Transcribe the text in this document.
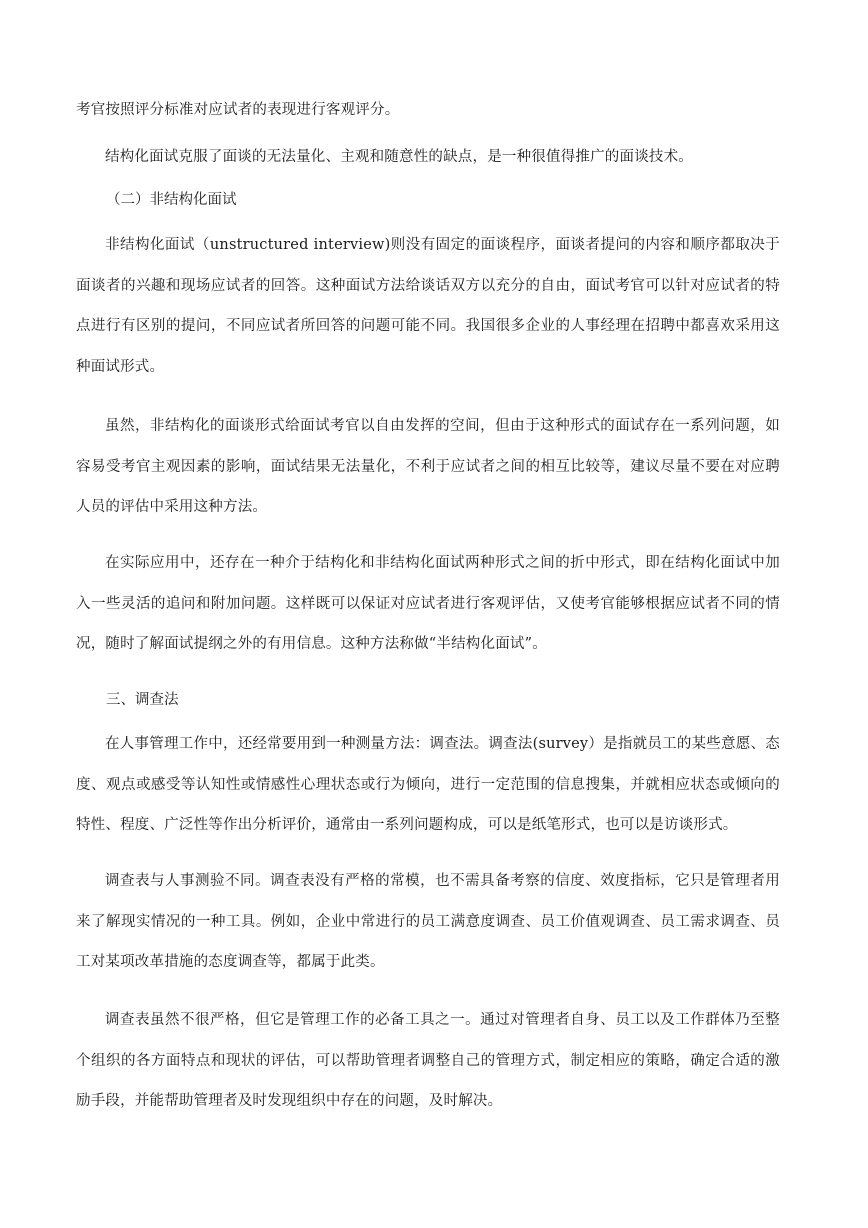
考官按照评分标准对应试者的表现进行客观评分。

结构化面试克服了面谈的无法量化、主观和随意性的缺点，是一种很值得推广的面谈技术。

（二）非结构化面试

非结构化面试（unstructured interview)则没有固定的面谈程序，面谈者提问的内容和顺序都取决于面谈者的兴趣和现场应试者的回答。这种面试方法给谈话双方以充分的自由，面试考官可以针对应试者的特点进行有区别的提问，不同应试者所回答的问题可能不同。我国很多企业的人事经理在招聘中都喜欢采用这种面试形式。

虽然，非结构化的面谈形式给面试考官以自由发挥的空间，但由于这种形式的面试存在一系列问题，如容易受考官主观因素的影响，面试结果无法量化，不利于应试者之间的相互比较等，建议尽量不要在对应聘人员的评估中采用这种方法。

在实际应用中，还存在一种介于结构化和非结构化面试两种形式之间的折中形式，即在结构化面试中加入一些灵活的追问和附加问题。这样既可以保证对应试者进行客观评估，又使考官能够根据应试者不同的情况，随时了解面试提纲之外的有用信息。这种方法称做“半结构化面试”。

三、调查法

在人事管理工作中，还经常要用到一种测量方法：调查法。调查法(survey）是指就员工的某些意愿、态度、观点或感受等认知性或情感性心理状态或行为倾向，进行一定范围的信息搜集，并就相应状态或倾向的特性、程度、广泛性等作出分析评价，通常由一系列问题构成，可以是纸笔形式，也可以是访谈形式。

调查表与人事测验不同。调查表没有严格的常模，也不需具备考察的信度、效度指标，它只是管理者用来了解现实情况的一种工具。例如，企业中常进行的员工满意度调查、员工价值观调查、员工需求调查、员工对某项改革措施的态度调查等，都属于此类。

调查表虽然不很严格，但它是管理工作的必备工具之一。通过对管理者自身、员工以及工作群体乃至整个组织的各方面特点和现状的评估，可以帮助管理者调整自己的管理方式，制定相应的策略，确定合适的激励手段，并能帮助管理者及时发现组织中存在的问题，及时解决。
